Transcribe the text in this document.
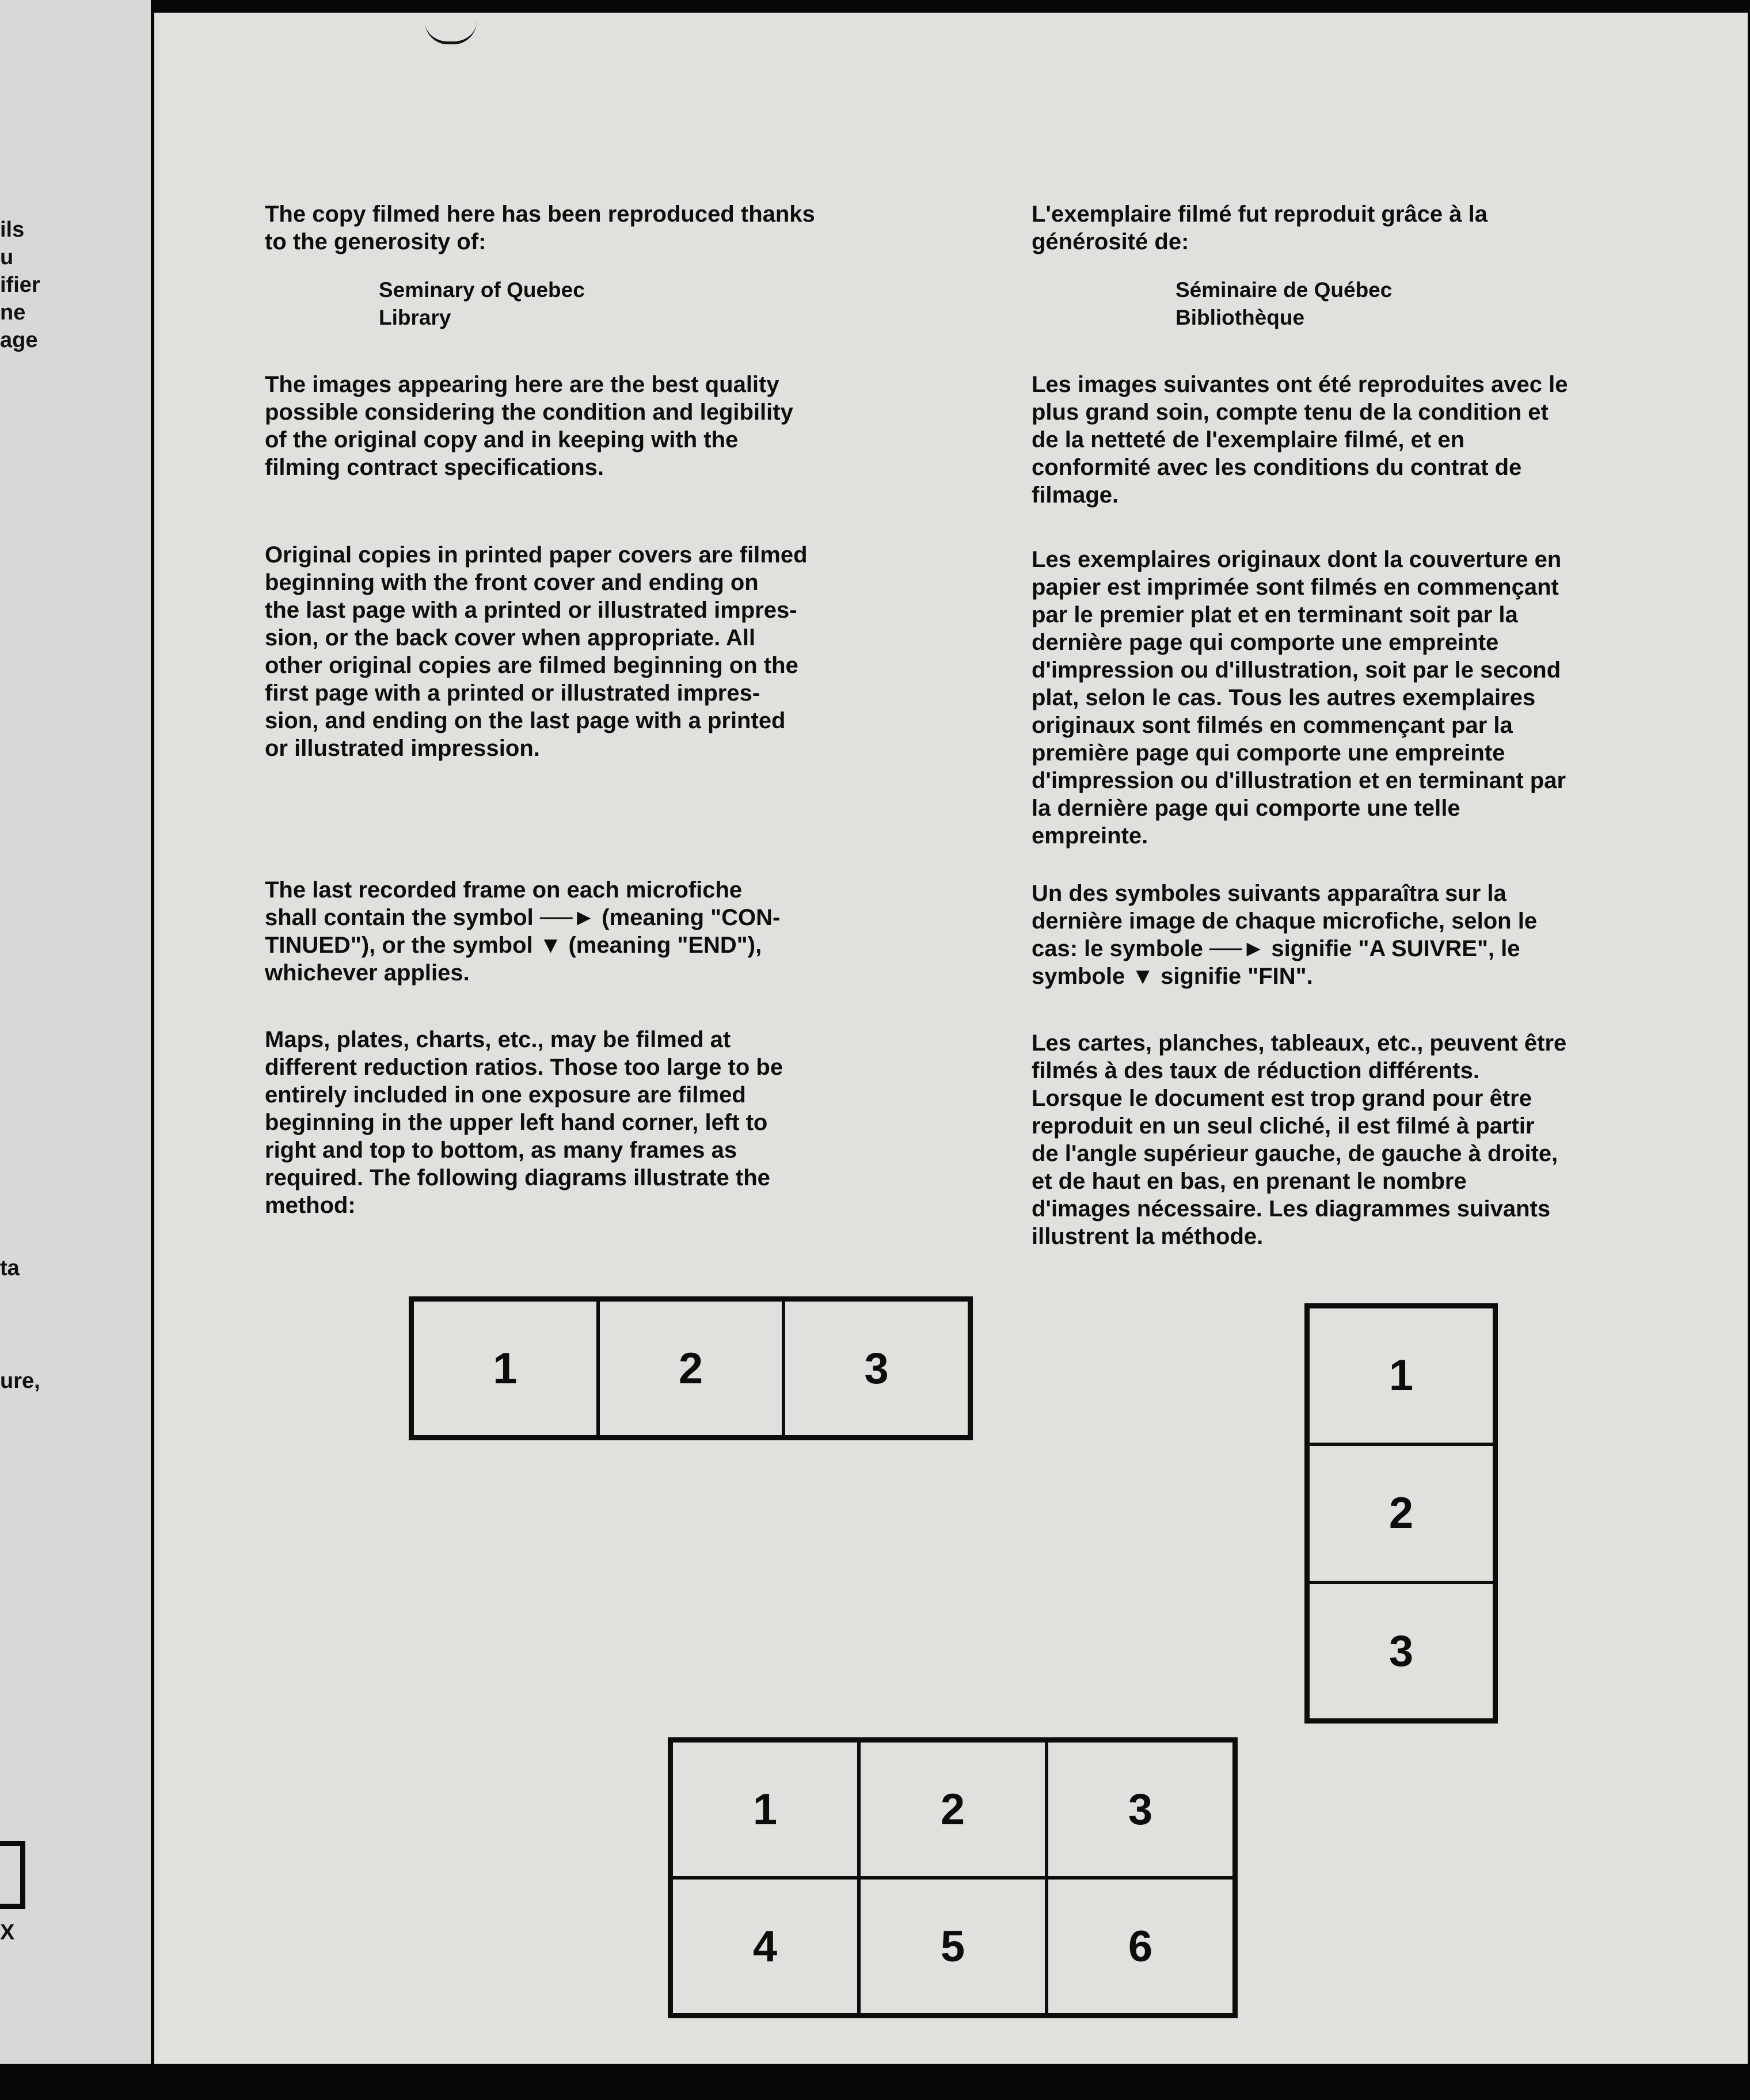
ils
u
ifier
ne
age
ta
ure,
X

The copy filmed here has been reproduced thanks
to the generosity of:

Seminary of Quebec
Library

The images appearing here are the best quality
possible considering the condition and legibility
of the original copy and in keeping with the
filming contract specifications.

Original copies in printed paper covers are filmed
beginning with the front cover and ending on
the last page with a printed or illustrated impres-
sion, or the back cover when appropriate. All
other original copies are filmed beginning on the
first page with a printed or illustrated impres-
sion, and ending on the last page with a printed
or illustrated impression.

The last recorded frame on each microfiche
shall contain the symbol ──► (meaning "CON-
TINUED"), or the symbol ▼ (meaning "END"),
whichever applies.

Maps, plates, charts, etc., may be filmed at
different reduction ratios. Those too large to be
entirely included in one exposure are filmed
beginning in the upper left hand corner, left to
right and top to bottom, as many frames as
required. The following diagrams illustrate the
method:

L'exemplaire filmé fut reproduit grâce à la
générosité de:

Séminaire de Québec
Bibliothèque

Les images suivantes ont été reproduites avec le
plus grand soin, compte tenu de la condition et
de la netteté de l'exemplaire filmé, et en
conformité avec les conditions du contrat de
filmage.

Les exemplaires originaux dont la couverture en
papier est imprimée sont filmés en commençant
par le premier plat et en terminant soit par la
dernière page qui comporte une empreinte
d'impression ou d'illustration, soit par le second
plat, selon le cas. Tous les autres exemplaires
originaux sont filmés en commençant par la
première page qui comporte une empreinte
d'impression ou d'illustration et en terminant par
la dernière page qui comporte une telle
empreinte.

Un des symboles suivants apparaîtra sur la
dernière image de chaque microfiche, selon le
cas: le symbole ──► signifie "A SUIVRE", le
symbole ▼ signifie "FIN".

Les cartes, planches, tableaux, etc., peuvent être
filmés à des taux de réduction différents.
Lorsque le document est trop grand pour être
reproduit en un seul cliché, il est filmé à partir
de l'angle supérieur gauche, de gauche à droite,
et de haut en bas, en prenant le nombre
d'images nécessaire. Les diagrammes suivants
illustrent la méthode.

1	2	3	1
2
3
1	2	3
4	5	6
